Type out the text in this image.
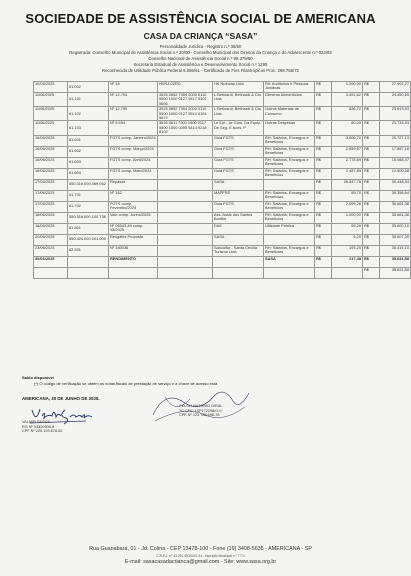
SOCIEDADE DE ASSISTÊNCIA SOCIAL DE AMERICANA
CASA DA CRIANÇA “SASA”
Personalidade Jurídica - Registro n.º 35/60
Registrada: Conselho Municipal de Assistência Social n.º 20/00 - Conselho Municipal dos Direitos da Criança e do Adolescente n.º 022/93
Conselho Nacional de Assistência Social n.º 99.379/60
Secretaria Estadual de Assistência e Desenvolvimento Social n.º 1295
Reconhecida de Utilidade Pública Federal 6.086/61 - Certificado de Fins Filantrópicos Proc. 268.756/72
10/06/2025	61.002	Nº 18	HVNJ-0ZRD	HK Nutricao Ltda	Rh: Auditorios e Pessoas Juridicas	R$	1.200,00	R$	27.902,27
11/06/2025	61.101	Nº 12.794	3525 0652 7354 2000 0110 5500 1000 0127 9417 5302 5606	L.Betinardi, Betinardi & Cia Ltda	Gêneros Alimentícios	R$	3.451,62	R$	24.450,65
11/06/2025	61.102	Nº 12.795	3525 0652 7354 2000 0110 5500 1000 0127 9510 6154 5672	L.Betinardi, Betinardi & Cia Ltda	Outros Materiais de Consumo	R$	836,72	R$	23.613,93
11/06/2025	61.103	Nº 9.554	3525 0611 7300 1500 0117 5500 1000 0095 5414 9218 8102	Le Epi - Je Gum. Da Equip. De Seg. E Aces. P	Outras Despesas	R$	80,00	R$	23.733,93
16/06/2025	61.601	FGTS comp. Janeiro/2024		Guia FGTS	RH: Salários, Encargos e Benefícios	R$	3.006,70	R$	20.727,13
16/06/2025	61.602	FGTS comp. Março/2024		Guia FGTS	RH: Salários, Encargos e Benefícios	R$	2.859,97	R$	17.867,16
16/06/2025	61.603	FGTS comp. Abril/2024		Guia FGTS	RH: Salários, Encargos e Benefícios	R$	2.778,69	R$	15.088,47
16/06/2025	61.604	FGTS comp. Maio/2024		Guia FGTS	RH: Salários, Encargos e Benefícios	R$	2.487,89	R$	12.600,58
17/06/2025	550.316.000.069.052	Repasse		SASA		R$	26.847,76	R$	39.448,34
17/06/2025	61.701	Nº 162		MAPFRE	RH: Salários, Encargos e Benefícios	R$	89,70	R$	39.358,64
17/06/2025	61.702	FGTS comp. Fevereiro/2024		Guia FGTS	RH: Salários, Encargos e Benefícios	R$	2.699,26	R$	36.661,38
18/06/2025	550.316.000.100.738	Vale comp. Junho/2025		Ass. Assis dos Santos Bonfim	RH: Salários, Encargos e Benefícios	R$	1.000,00	R$	35.661,38
18/06/2025	61.801	Nº 08543-49 comp. 05/2025		DAE	Utilidade Pública	R$	59,28	R$	35.602,10
20/06/2025	550.424.000.001.005	Resgates Proposta		SASA		R$	5,20	R$	35.607,30
23/06/2025	62.301	Nº 180036		Sanculfur - Santa Cecília Turismo Ltda	RH: Salários, Encargos e Benefícios	R$	193,20	R$	35.414,10
30/06/2025		RENDIMENTO			SASA	R$	217,48	R$	35.631,58
								R$	35.631,58
Saldo disponível
(*) O código de verificação se obtém as notas fiscais de prestação de serviço e a chave de acesso está
AMERICANA, 30 DE JUNHO DE 2025.
VALMIR SEGGA
RG Nº 34320906-8
CPF Nº 225.193.678-82
CELSO ANTONIO GIRAL
TC CRC 1SP172258/O-0
CPF Nº 123.788.698-78
Rua Guanabara, 01 - Jd. Colina - CEP 13478-100 - Fone (19) 3408-5635 - AMERICANA - SP
C.N.P.J. n.º 43.291.450/0001-34 - Inscrição Municipal n.º 7774
E-mail: sasacasadacrianca@gmail.com - Site: www.sasa.org.br
